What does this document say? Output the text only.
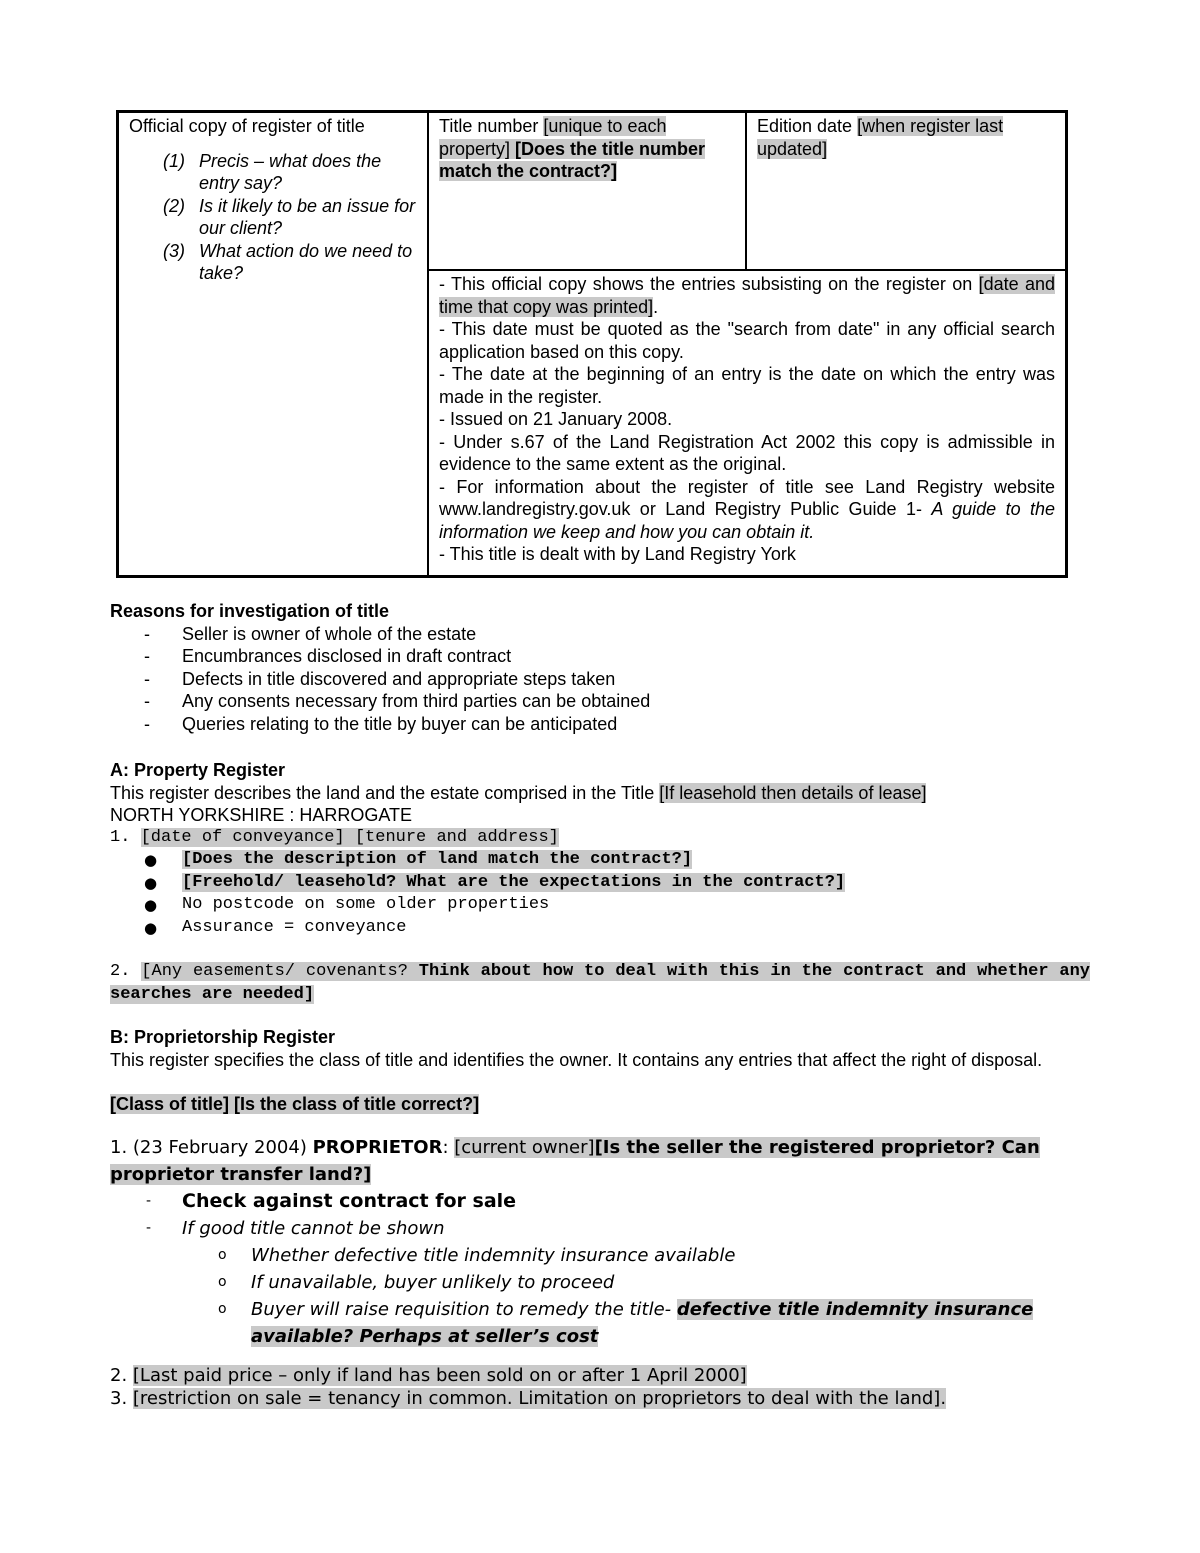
Official copy of register of title
(1) Precis – what does the entry say?
(2) Is it likely to be an issue for our client?
(3) What action do we need to take?
Title number [unique to each property] [Does the title number match the contract?]
Edition date [when register last updated]
- This official copy shows the entries subsisting on the register on [date and time that copy was printed].
- This date must be quoted as the "search from date" in any official search application based on this copy.
- The date at the beginning of an entry is the date on which the entry was made in the register.
- Issued on 21 January 2008.
- Under s.67 of the Land Registration Act 2002 this copy is admissible in evidence to the same extent as the original.
- For information about the register of title see Land Registry website www.landregistry.gov.uk or Land Registry Public Guide 1- A guide to the information we keep and how you can obtain it.
- This title is dealt with by Land Registry York
Reasons for investigation of title
- Seller is owner of whole of the estate
- Encumbrances disclosed in draft contract
- Defects in title discovered and appropriate steps taken
- Any consents necessary from third parties can be obtained
- Queries relating to the title by buyer can be anticipated
A: Property Register
This register describes the land and the estate comprised in the Title [If leasehold then details of lease]
NORTH YORKSHIRE : HARROGATE
1. [date of conveyance] [tenure and address]
● [Does the description of land match the contract?]
● [Freehold/ leasehold? What are the expectations in the contract?]
● No postcode on some older properties
● Assurance = conveyance
2. [Any easements/ covenants? Think about how to deal with this in the contract and whether any searches are needed]
B: Proprietorship Register
This register specifies the class of title and identifies the owner. It contains any entries that affect the right of disposal.
[Class of title] [Is the class of title correct?]
1. (23 February 2004) PROPRIETOR: [current owner][Is the seller the registered proprietor? Can proprietor transfer land?]
- Check against contract for sale
- If good title cannot be shown
o Whether defective title indemnity insurance available
o If unavailable, buyer unlikely to proceed
o Buyer will raise requisition to remedy the title- defective title indemnity insurance available? Perhaps at seller’s cost
2. [Last paid price – only if land has been sold on or after 1 April 2000]
3. [restriction on sale = tenancy in common. Limitation on proprietors to deal with the land].
